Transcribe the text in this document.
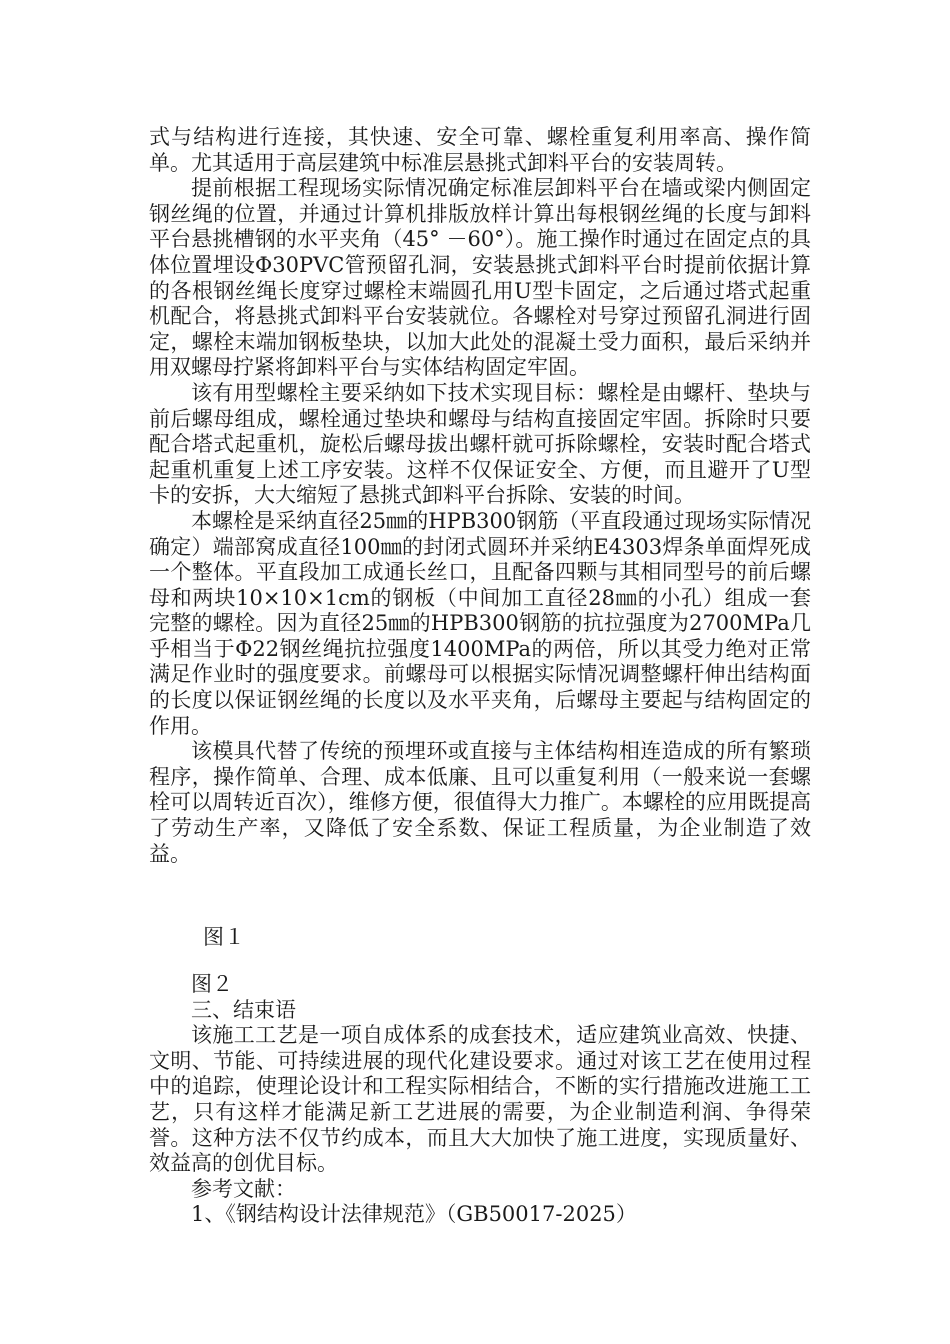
式与结构进行连接，其快速、安全可靠、螺栓重复利用率高、操作简单。尤其适用于高层建筑中标准层悬挑式卸料平台的安装周转。

提前根据工程现场实际情况确定标准层卸料平台在墙或梁内侧固定钢丝绳的位置，并通过计算机排版放样计算出每根钢丝绳的长度与卸料平台悬挑槽钢的水平夹角（45° －60°）。施工操作时通过在固定点的具体位置埋设Φ30PVC管预留孔洞，安装悬挑式卸料平台时提前依据计算的各根钢丝绳长度穿过螺栓末端圆孔用U型卡固定，之后通过塔式起重机配合，将悬挑式卸料平台安装就位。各螺栓对号穿过预留孔洞进行固定，螺栓末端加钢板垫块，以加大此处的混凝土受力面积，最后采纳并用双螺母拧紧将卸料平台与实体结构固定牢固。

该有用型螺栓主要采纳如下技术实现目标：螺栓是由螺杆、垫块与前后螺母组成，螺栓通过垫块和螺母与结构直接固定牢固。拆除时只要配合塔式起重机，旋松后螺母拔出螺杆就可拆除螺栓，安装时配合塔式起重机重复上述工序安装。这样不仅保证安全、方便，而且避开了U型卡的安拆，大大缩短了悬挑式卸料平台拆除、安装的时间。

本螺栓是采纳直径25㎜的HPB300钢筋（平直段通过现场实际情况确定）端部窝成直径100㎜的封闭式圆环并采纳E4303焊条单面焊死成一个整体。平直段加工成通长丝口，且配备四颗与其相同型号的前后螺母和两块10×10×1cm的钢板（中间加工直径28㎜的小孔）组成一套完整的螺栓。因为直径25㎜的HPB300钢筋的抗拉强度为2700MPa几乎相当于Φ22钢丝绳抗拉强度1400MPa的两倍，所以其受力绝对正常满足作业时的强度要求。前螺母可以根据实际情况调整螺杆伸出结构面的长度以保证钢丝绳的长度以及水平夹角，后螺母主要起与结构固定的作用。

该模具代替了传统的预埋环或直接与主体结构相连造成的所有繁琐程序，操作简单、合理、成本低廉、且可以重复利用（一般来说一套螺栓可以周转近百次），维修方便，很值得大力推广。本螺栓的应用既提高了劳动生产率，又降低了安全系数、保证工程质量，为企业制造了效益。

图１

图２

三、结束语

该施工工艺是一项自成体系的成套技术，适应建筑业高效、快捷、文明、节能、可持续进展的现代化建设要求。通过对该工艺在使用过程中的追踪，使理论设计和工程实际相结合，不断的实行措施改进施工工艺，只有这样才能满足新工艺进展的需要，为企业制造利润、争得荣誉。这种方法不仅节约成本，而且大大加快了施工进度，实现质量好、效益高的创优目标。

参考文献：

1、《钢结构设计法律规范》（GB50017-2025）
